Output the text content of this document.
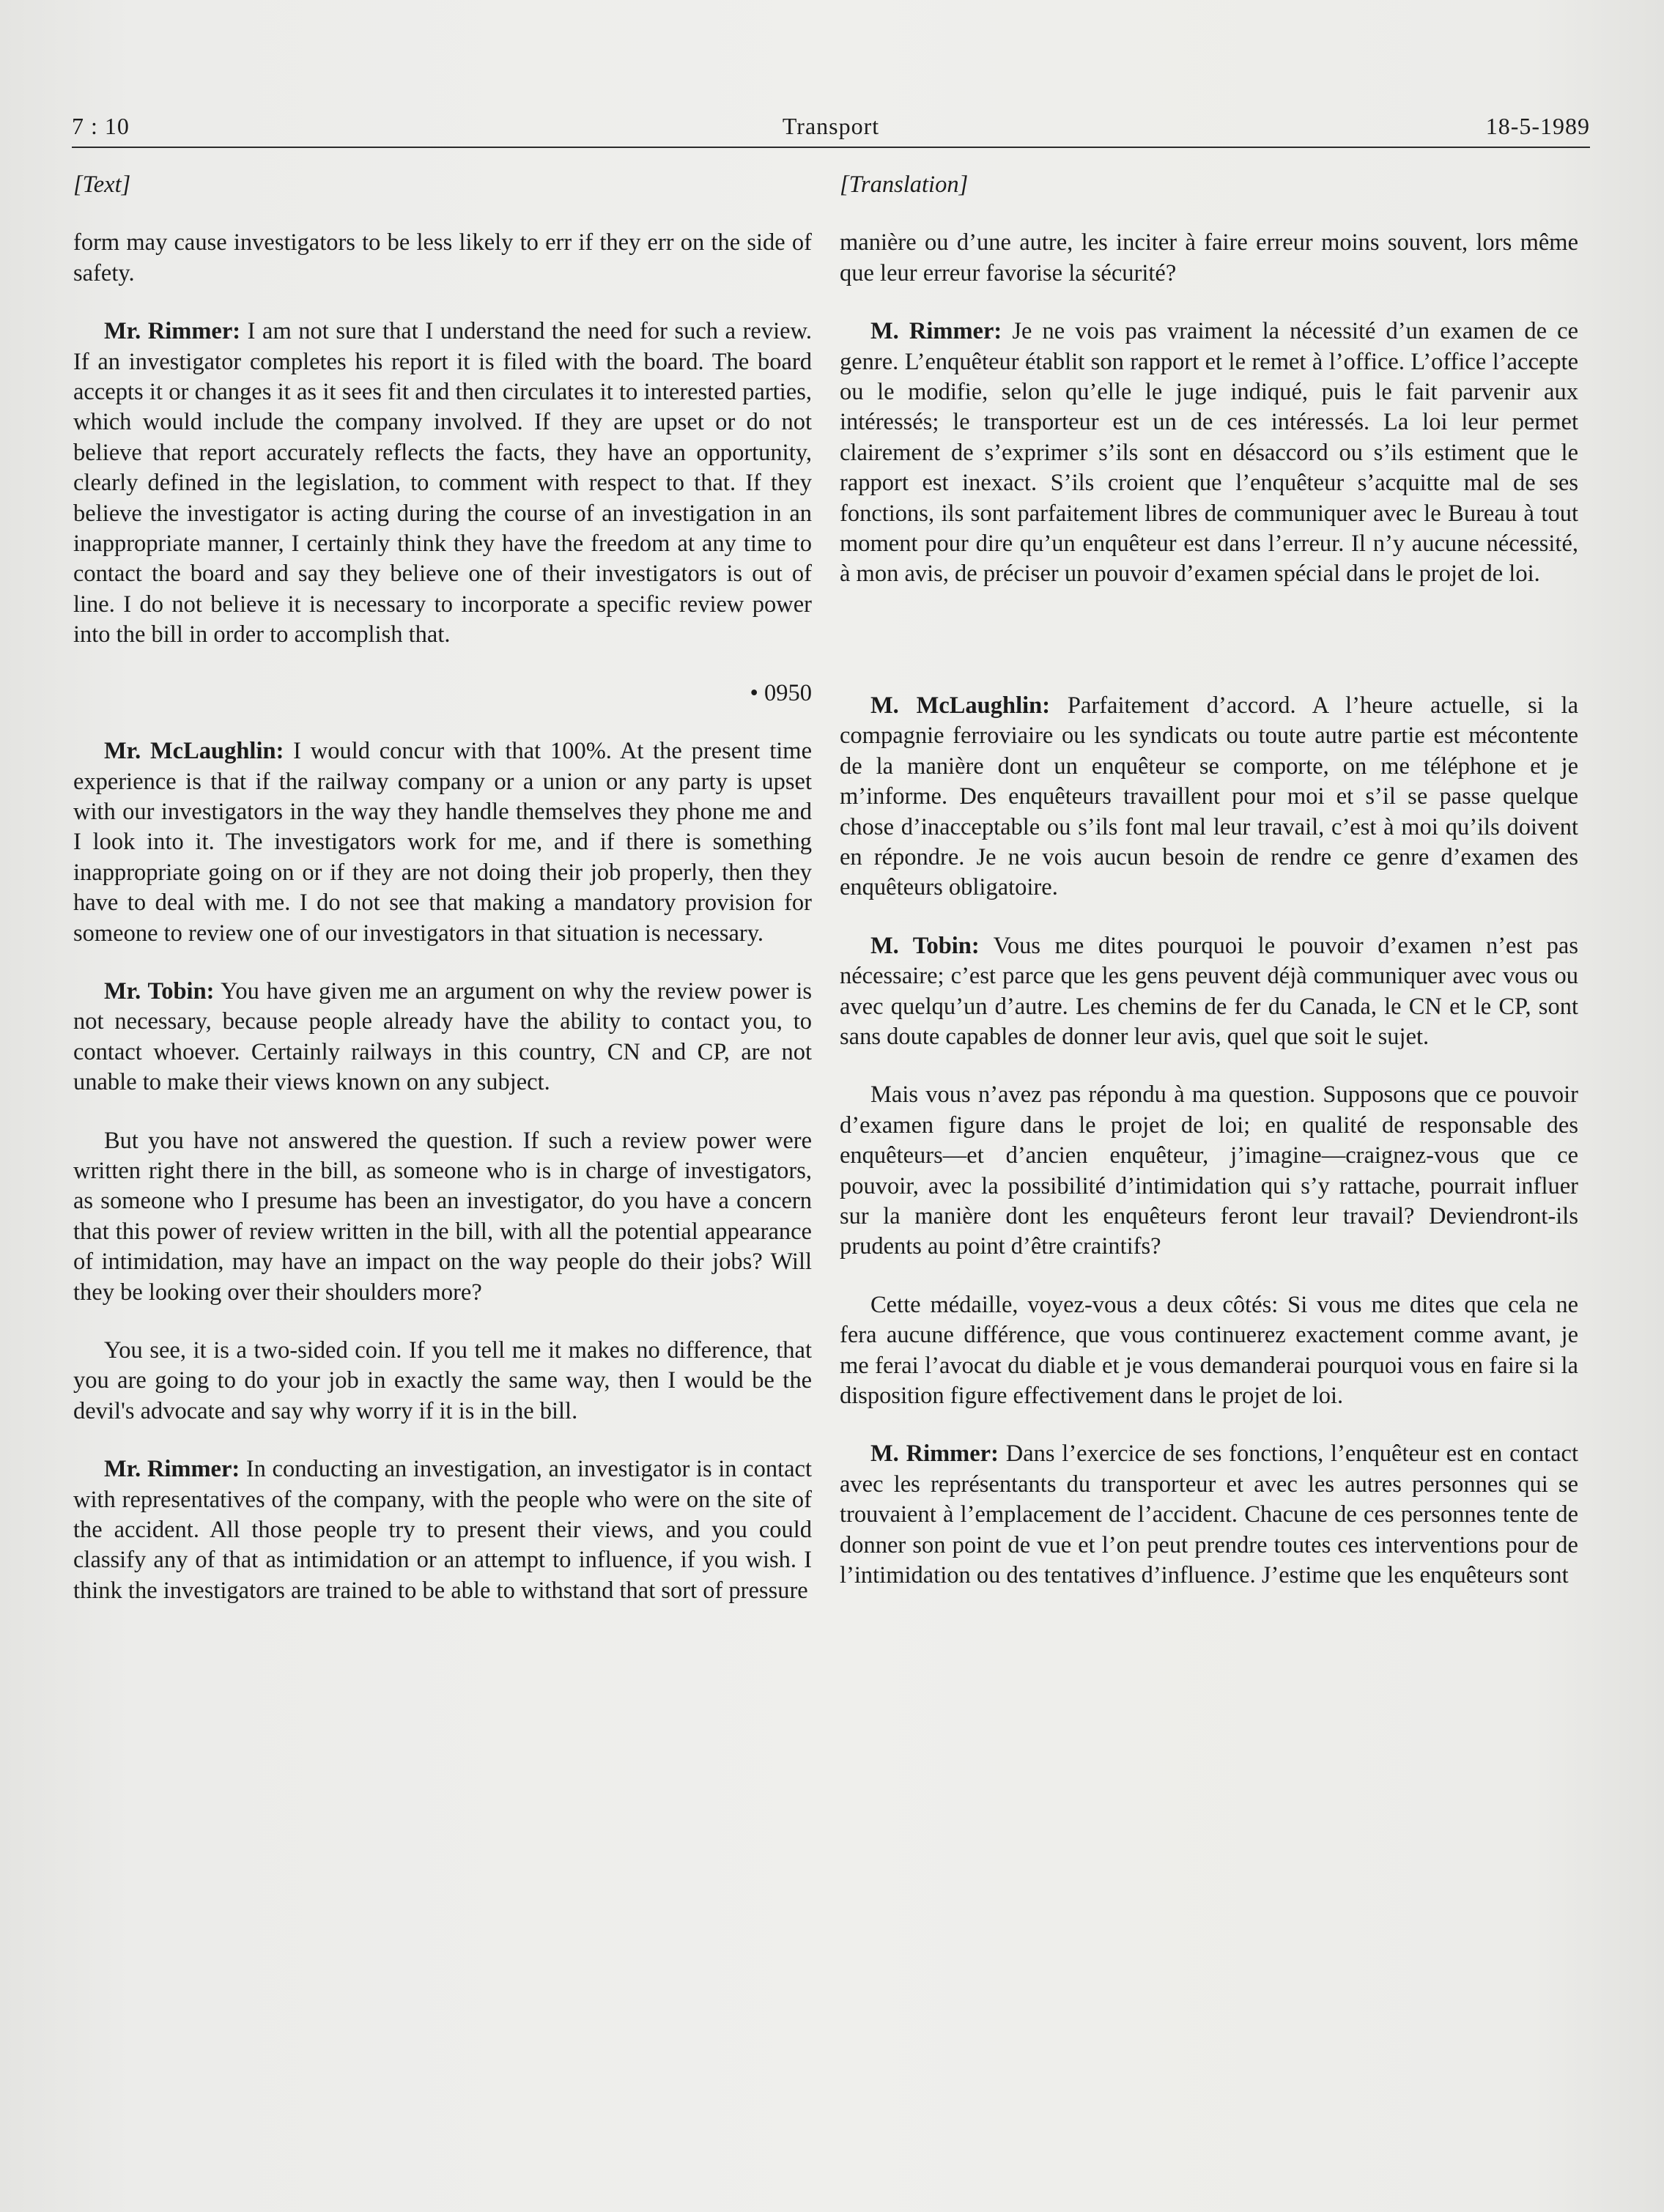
7 : 10	Transport	18-5-1989

[Text]

form may cause investigators to be less likely to err if they err on the side of safety.

Mr. Rimmer: I am not sure that I understand the need for such a review. If an investigator completes his report it is filed with the board. The board accepts it or changes it as it sees fit and then circulates it to interested parties, which would include the company involved. If they are upset or do not believe that report accurately reflects the facts, they have an opportunity, clearly defined in the legislation, to comment with respect to that. If they believe the investigator is acting during the course of an investigation in an inappropriate manner, I certainly think they have the freedom at any time to contact the board and say they believe one of their investigators is out of line. I do not believe it is necessary to incorporate a specific review power into the bill in order to accomplish that.

• 0950

Mr. McLaughlin: I would concur with that 100%. At the present time experience is that if the railway company or a union or any party is upset with our investigators in the way they handle themselves they phone me and I look into it. The investigators work for me, and if there is something inappropriate going on or if they are not doing their job properly, then they have to deal with me. I do not see that making a mandatory provision for someone to review one of our investigators in that situation is necessary.

Mr. Tobin: You have given me an argument on why the review power is not necessary, because people already have the ability to contact you, to contact whoever. Certainly railways in this country, CN and CP, are not unable to make their views known on any subject.

But you have not answered the question. If such a review power were written right there in the bill, as someone who is in charge of investigators, as someone who I presume has been an investigator, do you have a concern that this power of review written in the bill, with all the potential appearance of intimidation, may have an impact on the way people do their jobs? Will they be looking over their shoulders more?

You see, it is a two-sided coin. If you tell me it makes no difference, that you are going to do your job in exactly the same way, then I would be the devil's advocate and say why worry if it is in the bill.

Mr. Rimmer: In conducting an investigation, an investigator is in contact with representatives of the company, with the people who were on the site of the accident. All those people try to present their views, and you could classify any of that as intimidation or an attempt to influence, if you wish. I think the investigators are trained to be able to withstand that sort of pressure

[Translation]

manière ou d’une autre, les inciter à faire erreur moins souvent, lors même que leur erreur favorise la sécurité?

M. Rimmer: Je ne vois pas vraiment la nécessité d’un examen de ce genre. L’enquêteur établit son rapport et le remet à l’office. L’office l’accepte ou le modifie, selon qu’elle le juge indiqué, puis le fait parvenir aux intéressés; le transporteur est un de ces intéressés. La loi leur permet clairement de s’exprimer s’ils sont en désaccord ou s’ils estiment que le rapport est inexact. S’ils croient que l’enquêteur s’acquitte mal de ses fonctions, ils sont parfaitement libres de communiquer avec le Bureau à tout moment pour dire qu’un enquêteur est dans l’erreur. Il n’y aucune nécessité, à mon avis, de préciser un pouvoir d’examen spécial dans le projet de loi.

M. McLaughlin: Parfaitement d’accord. A l’heure actuelle, si la compagnie ferroviaire ou les syndicats ou toute autre partie est mécontente de la manière dont un enquêteur se comporte, on me téléphone et je m’informe. Des enquêteurs travaillent pour moi et s’il se passe quelque chose d’inacceptable ou s’ils font mal leur travail, c’est à moi qu’ils doivent en répondre. Je ne vois aucun besoin de rendre ce genre d’examen des enquêteurs obligatoire.

M. Tobin: Vous me dites pourquoi le pouvoir d’examen n’est pas nécessaire; c’est parce que les gens peuvent déjà communiquer avec vous ou avec quelqu’un d’autre. Les chemins de fer du Canada, le CN et le CP, sont sans doute capables de donner leur avis, quel que soit le sujet.

Mais vous n’avez pas répondu à ma question. Supposons que ce pouvoir d’examen figure dans le projet de loi; en qualité de responsable des enquêteurs—et d’ancien enquêteur, j’imagine—craignez-vous que ce pouvoir, avec la possibilité d’intimidation qui s’y rattache, pourrait influer sur la manière dont les enquêteurs feront leur travail? Deviendront-ils prudents au point d’être craintifs?

Cette médaille, voyez-vous a deux côtés: Si vous me dites que cela ne fera aucune différence, que vous continuerez exactement comme avant, je me ferai l’avocat du diable et je vous demanderai pourquoi vous en faire si la disposition figure effectivement dans le projet de loi.

M. Rimmer: Dans l’exercice de ses fonctions, l’enquêteur est en contact avec les représentants du transporteur et avec les autres personnes qui se trouvaient à l’emplacement de l’accident. Chacune de ces personnes tente de donner son point de vue et l’on peut prendre toutes ces interventions pour de l’intimidation ou des tentatives d’influence. J’estime que les enquêteurs sont
